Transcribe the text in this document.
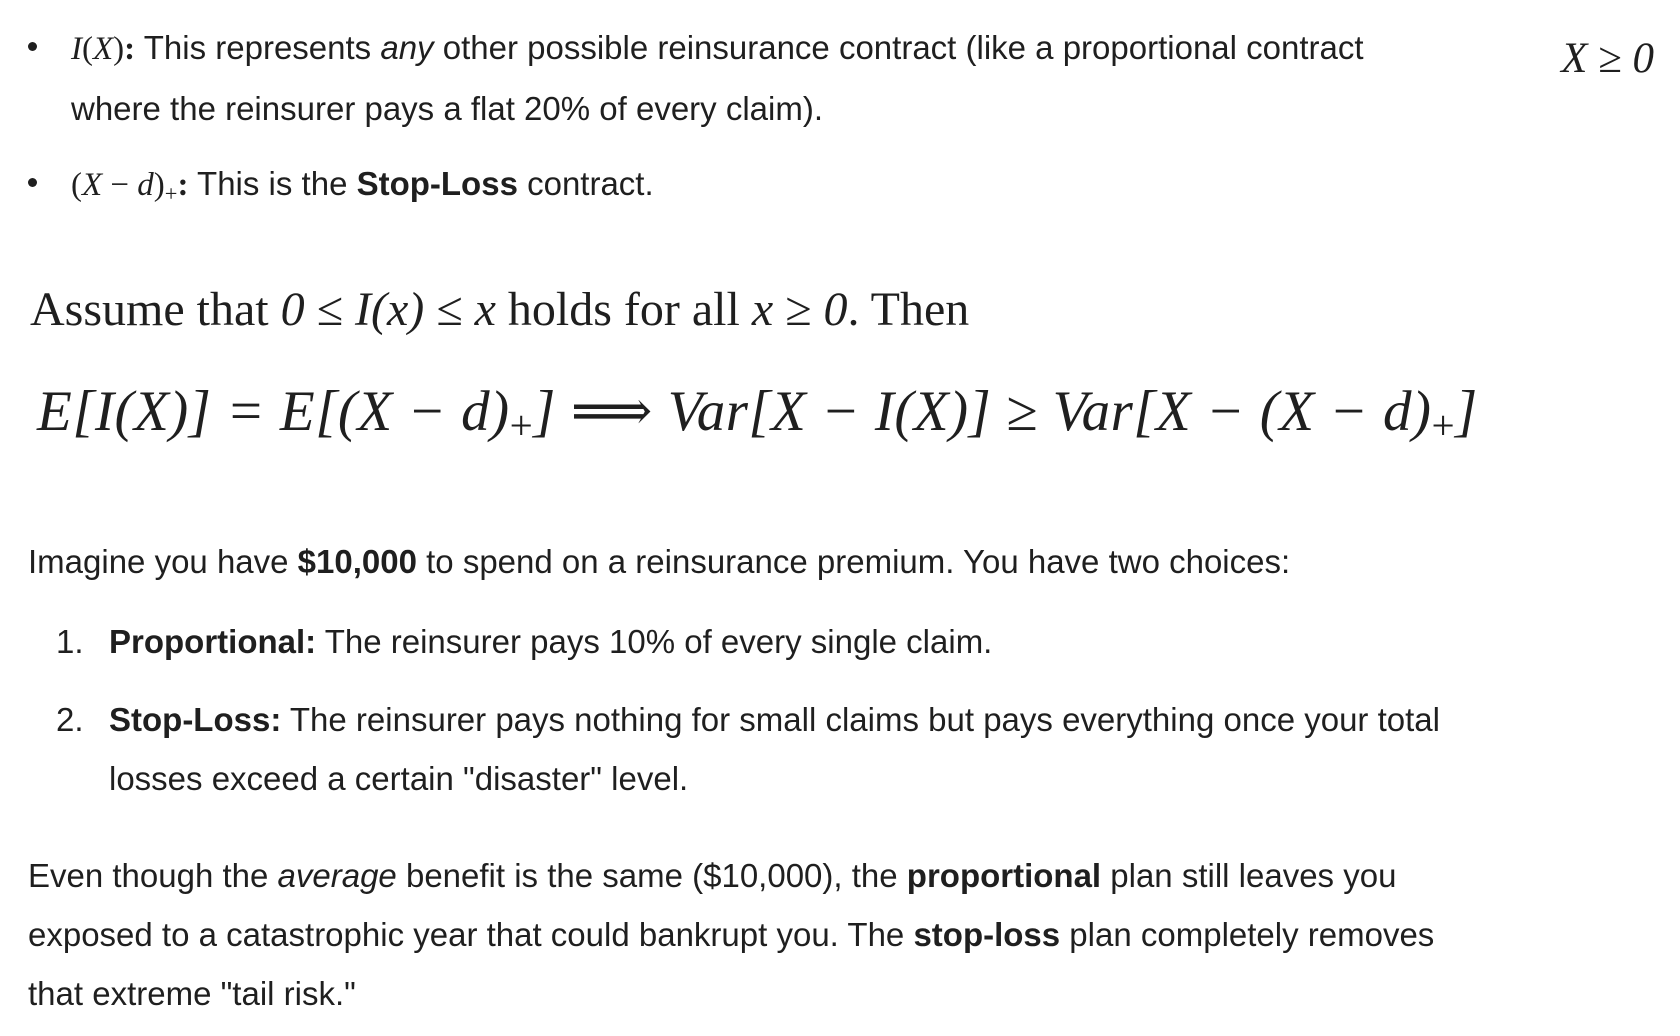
I(X): This represents any other possible reinsurance contract (like a proportional contract where the reinsurer pays a flat 20% of every claim).
(X − d)+: This is the Stop-Loss contract.
X ≥ 0
Assume that 0 ≤ I(x) ≤ x holds for all x ≥ 0. Then
E[I(X)] = E[(X − d)+] ⟹ Var[X − I(X)] ≥ Var[X − (X − d)+]
Imagine you have $10,000 to spend on a reinsurance premium. You have two choices:
1. Proportional: The reinsurer pays 10% of every single claim.
2. Stop-Loss: The reinsurer pays nothing for small claims but pays everything once your total losses exceed a certain "disaster" level.
Even though the average benefit is the same ($10,000), the proportional plan still leaves you exposed to a catastrophic year that could bankrupt you. The stop-loss plan completely removes that extreme "tail risk."
